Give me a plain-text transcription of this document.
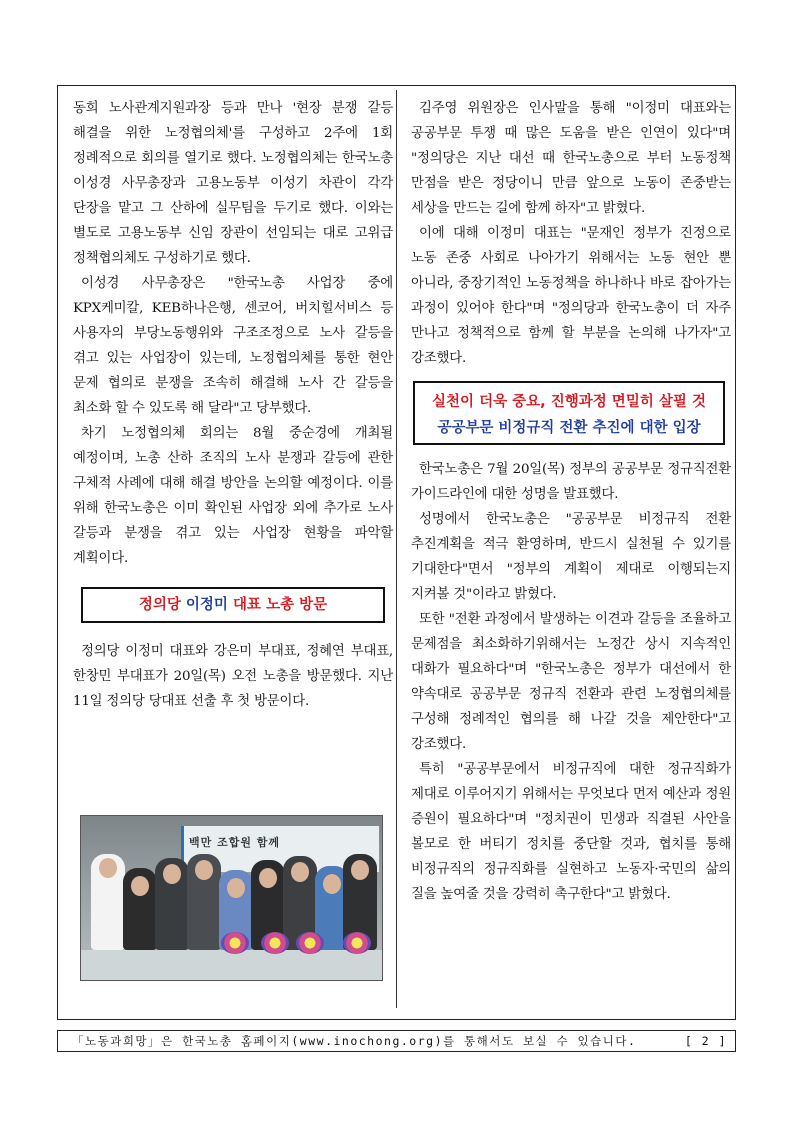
동희 노사관계지원과장 등과 만나 '현장 분쟁 갈등 해결을 위한 노정협의체'를 구성하고 2주에 1회 정례적으로 회의를 열기로 했다. 노정협의체는 한국노총 이성경 사무총장과 고용노동부 이성기 차관이 각각 단장을 맡고 그 산하에 실무팀을 두기로 했다. 이와는 별도로 고용노동부 신임 장관이 선임되는 대로 고위급 정책협의체도 구성하기로 했다.

이성경 사무총장은 "한국노총 사업장 중에 KPX케미칼, KEB하나은행, 센코어, 버치힐서비스 등 사용자의 부당노동행위와 구조조정으로 노사 갈등을 겪고 있는 사업장이 있는데, 노정협의체를 통한 현안 문제 협의로 분쟁을 조속히 해결해 노사 간 갈등을 최소화 할 수 있도록 해 달라"고 당부했다.

차기 노정협의체 회의는 8월 중순경에 개최될 예정이며, 노총 산하 조직의 노사 분쟁과 갈등에 관한 구체적 사례에 대해 해결 방안을 논의할 예정이다. 이를 위해 한국노총은 이미 확인된 사업장 외에 추가로 노사 갈등과 분쟁을 겪고 있는 사업장 현황을 파악할 계획이다.

정의당 이정미 대표 노총 방문

정의당 이정미 대표와 강은미 부대표, 정혜연 부대표, 한창민 부대표가 20일(목) 오전 노총을 방문했다. 지난 11일 정의당 당대표 선출 후 첫 방문이다.

백만 조합원 함께

김주영 위원장은 인사말을 통해 "이정미 대표와는 공공부문 투쟁 때 많은 도움을 받은 인연이 있다"며 "정의당은 지난 대선 때 한국노총으로 부터 노동정책 만점을 받은 정당이니 만큼 앞으로 노동이 존중받는 세상을 만드는 길에 함께 하자"고 밝혔다.

이에 대해 이정미 대표는 "문재인 정부가 진정으로 노동 존중 사회로 나아가기 위해서는 노동 현안 뿐 아니라, 중장기적인 노동정책을 하나하나 바로 잡아가는 과정이 있어야 한다"며 "정의당과 한국노총이 더 자주 만나고 정책적으로 함께 할 부분을 논의해 나가자"고 강조했다.

실천이 더욱 중요, 진행과정 면밀히 살필 것
공공부문 비정규직 전환 추진에 대한 입장

한국노총은 7월 20일(목) 정부의 공공부문 정규직전환 가이드라인에 대한 성명을 발표했다.

성명에서 한국노총은 "공공부문 비정규직 전환 추진계획을 적극 환영하며, 반드시 실천될 수 있기를 기대한다"면서 "정부의 계획이 제대로 이행되는지 지켜볼 것"이라고 밝혔다.

또한 "전환 과정에서 발생하는 이견과 갈등을 조율하고 문제점을 최소화하기위해서는 노정간 상시 지속적인 대화가 필요하다"며 "한국노총은 정부가 대선에서 한 약속대로 공공부문 정규직 전환과 관련 노정협의체를 구성해 정례적인 협의를 해 나갈 것을 제안한다"고 강조했다.

특히 "공공부문에서 비정규직에 대한 정규직화가 제대로 이루어지기 위해서는 무엇보다 먼저 예산과 정원 증원이 필요하다"며 "정치권이 민생과 직결된 사안을 볼모로 한 버티기 정치를 중단할 것과, 협치를 통해 비정규직의 정규직화를 실현하고 노동자·국민의 삶의 질을 높여줄 것을 강력히 촉구한다"고 밝혔다.

「노동과희망」은 한국노총 홈페이지(www.inochong.org)를 통해서도 보실 수 있습니다.	[ 2 ]
